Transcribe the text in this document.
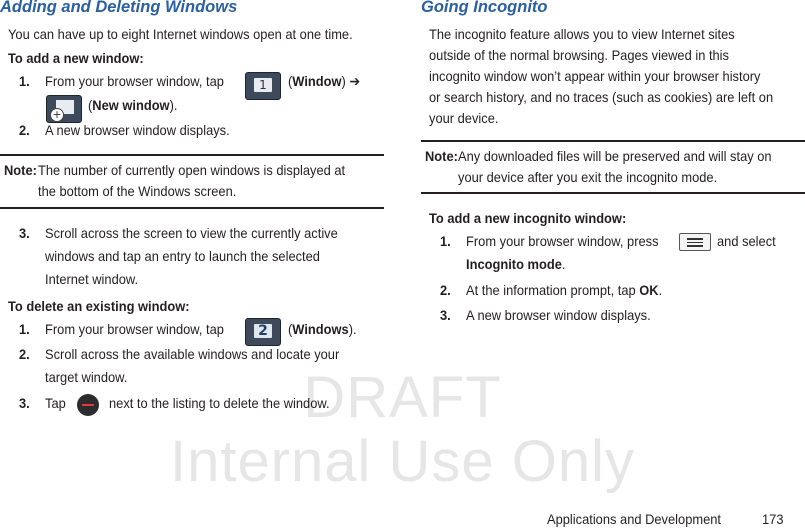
DRAFT
Internal Use Only
Adding and Deleting Windows
You can have up to eight Internet windows open at one time.
To add a new window:
1. From your browser window, tap	1	(Window) ➔
+
(New window).
2. A new browser window displays.
Note: The number of currently open windows is displayed at
the bottom of the Windows screen.
3. Scroll across the screen to view the currently active
windows and tap an entry to launch the selected
Internet window.
To delete an existing window:
1. From your browser window, tap 2 (Windows).
2. Scroll across the available windows and locate your
target window.
3. Tap	next to the listing to delete the window.
Going Incognito
The incognito feature allows you to view Internet sites
outside of the normal browsing. Pages viewed in this
incognito window won’t appear within your browser history
or search history, and no traces (such as cookies) are left on
your device.
Note: Any downloaded files will be preserved and will stay on
your device after you exit the incognito mode.
To add a new incognito window:
1. From your browser window, press	and select
Incognito mode.
2. At the information prompt, tap OK.
3. A new browser window displays.
Applications and Development	173
